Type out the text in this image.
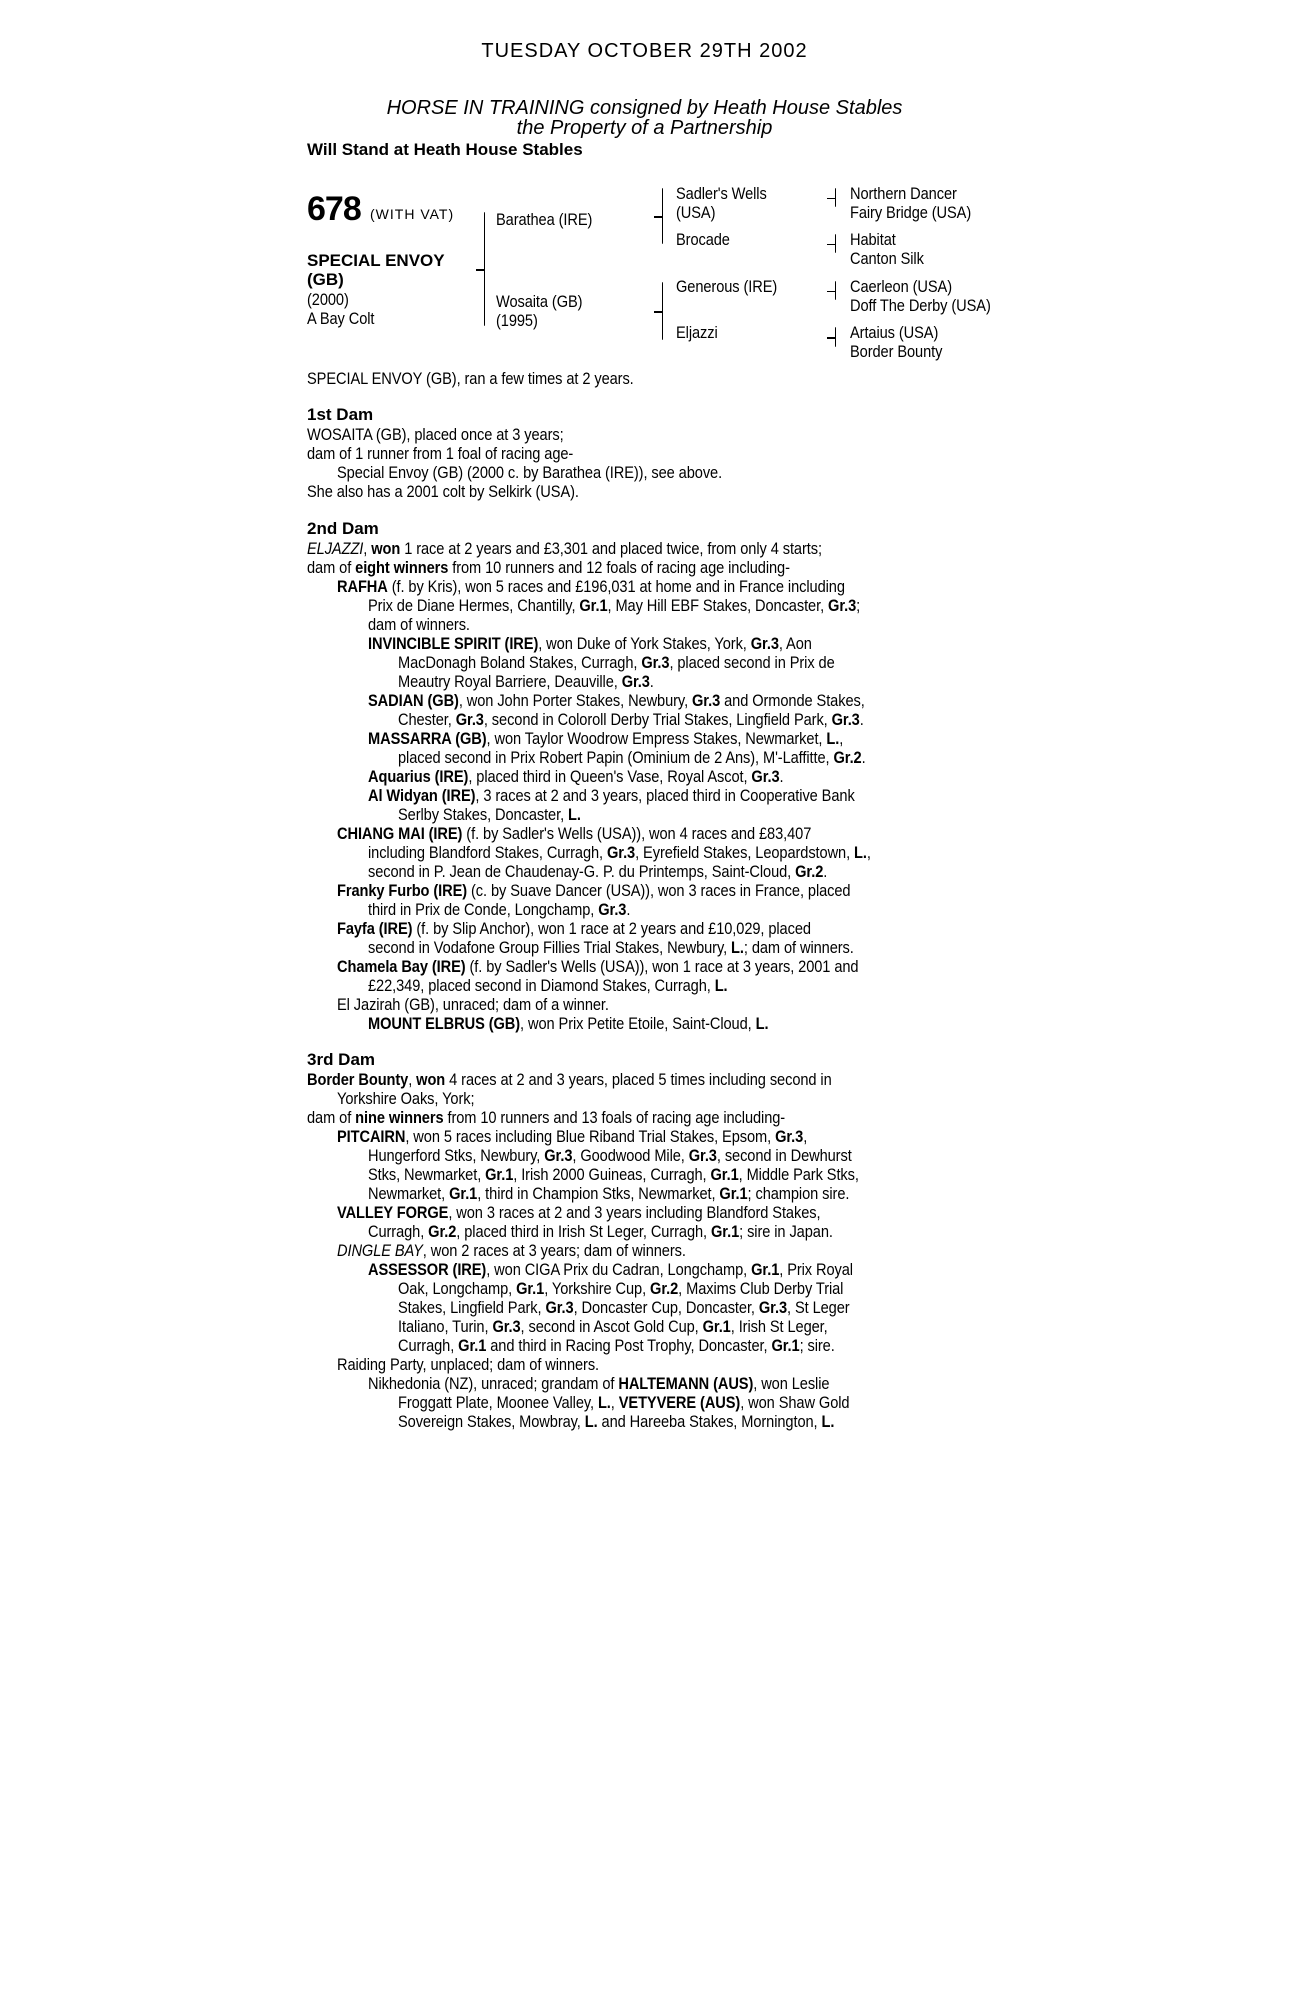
TUESDAY OCTOBER 29TH 2002
HORSE IN TRAINING consigned by Heath House Stables
the Property of a Partnership
Will Stand at Heath House Stables
678 (WITH VAT)
SPECIAL ENVOY
(GB)
(2000)
A Bay Colt
Barathea (IRE)
Wosaita (GB)
(1995)
Sadler's Wells
(USA)
Brocade
Generous (IRE)
Eljazzi
Northern Dancer
Fairy Bridge (USA)
Habitat
Canton Silk
Caerleon (USA)
Doff The Derby (USA)
Artaius (USA)
Border Bounty
SPECIAL ENVOY (GB), ran a few times at 2 years.
1st Dam
WOSAITA (GB), placed once at 3 years;
dam of 1 runner from 1 foal of racing age-
Special Envoy (GB) (2000 c. by Barathea (IRE)), see above.
She also has a 2001 colt by Selkirk (USA).
2nd Dam
ELJAZZI, won 1 race at 2 years and £3,301 and placed twice, from only 4 starts;
dam of eight winners from 10 runners and 12 foals of racing age including-
RAFHA (f. by Kris), won 5 races and £196,031 at home and in France including
Prix de Diane Hermes, Chantilly, Gr.1, May Hill EBF Stakes, Doncaster, Gr.3;
dam of winners.
INVINCIBLE SPIRIT (IRE), won Duke of York Stakes, York, Gr.3, Aon
MacDonagh Boland Stakes, Curragh, Gr.3, placed second in Prix de
Meautry Royal Barriere, Deauville, Gr.3.
SADIAN (GB), won John Porter Stakes, Newbury, Gr.3 and Ormonde Stakes,
Chester, Gr.3, second in Coloroll Derby Trial Stakes, Lingfield Park, Gr.3.
MASSARRA (GB), won Taylor Woodrow Empress Stakes, Newmarket, L.,
placed second in Prix Robert Papin (Ominium de 2 Ans), M'-Laffitte, Gr.2.
Aquarius (IRE), placed third in Queen's Vase, Royal Ascot, Gr.3.
Al Widyan (IRE), 3 races at 2 and 3 years, placed third in Cooperative Bank
Serlby Stakes, Doncaster, L.
CHIANG MAI (IRE) (f. by Sadler's Wells (USA)), won 4 races and £83,407
including Blandford Stakes, Curragh, Gr.3, Eyrefield Stakes, Leopardstown, L.,
second in P. Jean de Chaudenay-G. P. du Printemps, Saint-Cloud, Gr.2.
Franky Furbo (IRE) (c. by Suave Dancer (USA)), won 3 races in France, placed
third in Prix de Conde, Longchamp, Gr.3.
Fayfa (IRE) (f. by Slip Anchor), won 1 race at 2 years and £10,029, placed
second in Vodafone Group Fillies Trial Stakes, Newbury, L.; dam of winners.
Chamela Bay (IRE) (f. by Sadler's Wells (USA)), won 1 race at 3 years, 2001 and
£22,349, placed second in Diamond Stakes, Curragh, L.
El Jazirah (GB), unraced; dam of a winner.
MOUNT ELBRUS (GB), won Prix Petite Etoile, Saint-Cloud, L.
3rd Dam
Border Bounty, won 4 races at 2 and 3 years, placed 5 times including second in
Yorkshire Oaks, York;
dam of nine winners from 10 runners and 13 foals of racing age including-
PITCAIRN, won 5 races including Blue Riband Trial Stakes, Epsom, Gr.3,
Hungerford Stks, Newbury, Gr.3, Goodwood Mile, Gr.3, second in Dewhurst
Stks, Newmarket, Gr.1, Irish 2000 Guineas, Curragh, Gr.1, Middle Park Stks,
Newmarket, Gr.1, third in Champion Stks, Newmarket, Gr.1; champion sire.
VALLEY FORGE, won 3 races at 2 and 3 years including Blandford Stakes,
Curragh, Gr.2, placed third in Irish St Leger, Curragh, Gr.1; sire in Japan.
DINGLE BAY, won 2 races at 3 years; dam of winners.
ASSESSOR (IRE), won CIGA Prix du Cadran, Longchamp, Gr.1, Prix Royal
Oak, Longchamp, Gr.1, Yorkshire Cup, Gr.2, Maxims Club Derby Trial
Stakes, Lingfield Park, Gr.3, Doncaster Cup, Doncaster, Gr.3, St Leger
Italiano, Turin, Gr.3, second in Ascot Gold Cup, Gr.1, Irish St Leger,
Curragh, Gr.1 and third in Racing Post Trophy, Doncaster, Gr.1; sire.
Raiding Party, unplaced; dam of winners.
Nikhedonia (NZ), unraced; grandam of HALTEMANN (AUS), won Leslie
Froggatt Plate, Moonee Valley, L., VETYVERE (AUS), won Shaw Gold
Sovereign Stakes, Mowbray, L. and Hareeba Stakes, Mornington, L.
